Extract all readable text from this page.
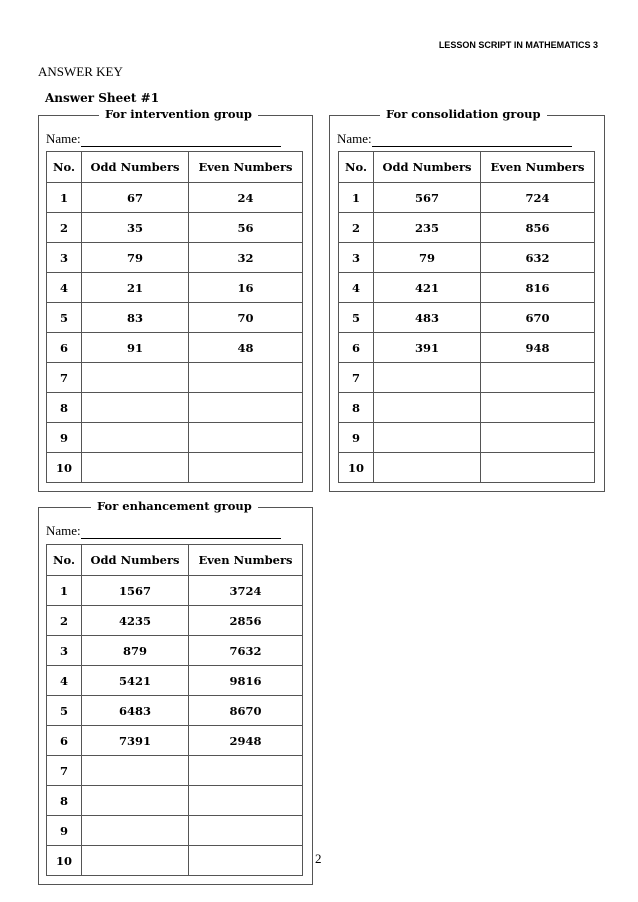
LESSON SCRIPT IN MATHEMATICS 3
ANSWER KEY
Answer Sheet #1
For intervention group
Name:
No.	Odd Numbers	Even Numbers
1	67	24
2	35	56
3	79	32
4	21	16
5	83	70
6	91	48
7		
8		
9		
10		
For consolidation group
Name:
No.	Odd Numbers	Even Numbers
1	567	724
2	235	856
3	79	632
4	421	816
5	483	670
6	391	948
7		
8		
9		
10		
For enhancement group
Name:
No.	Odd Numbers	Even Numbers
1	1567	3724
2	4235	2856
3	879	7632
4	5421	9816
5	6483	8670
6	7391	2948
7		
8		
9		
10			2
